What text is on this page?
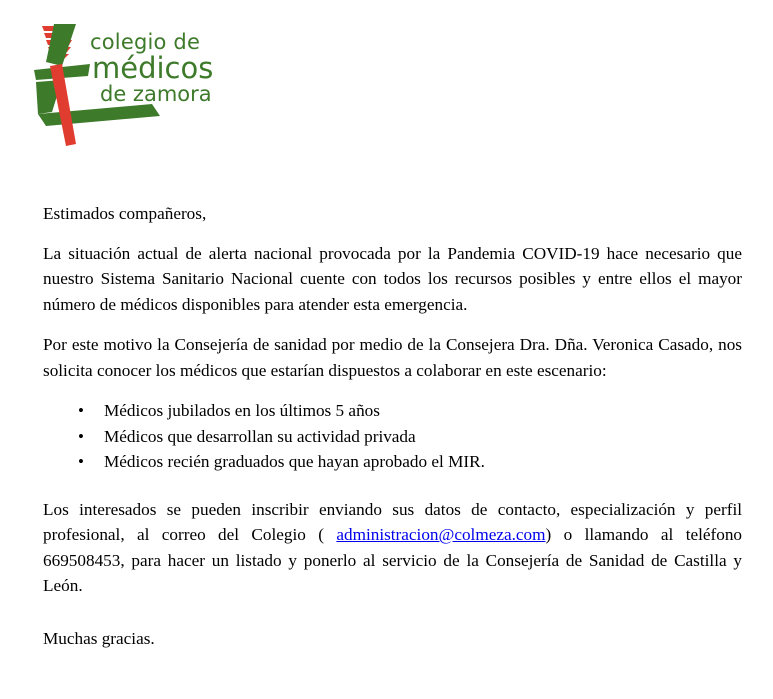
colegio de
médicos
de zamora

Estimados compañeros,

La situación actual de alerta nacional provocada por la Pandemia COVID-19 hace necesario que nuestro Sistema Sanitario Nacional cuente con todos los recursos posibles y entre ellos el mayor número de médicos disponibles para atender esta emergencia.

Por este motivo la Consejería de sanidad por medio de la Consejera Dra. Dña. Veronica Casado, nos solicita conocer los médicos que estarían dispuestos a colaborar en este escenario:

• Médicos jubilados en los últimos 5 años
• Médicos que desarrollan su actividad privada
• Médicos recién graduados que hayan aprobado el MIR.

Los interesados se pueden inscribir enviando sus datos de contacto, especialización y perfil profesional, al correo del Colegio ( administracion@colmeza.com) o llamando al teléfono 669508453, para hacer un listado y ponerlo al servicio de la Consejería de Sanidad de Castilla y León.

Muchas gracias.
